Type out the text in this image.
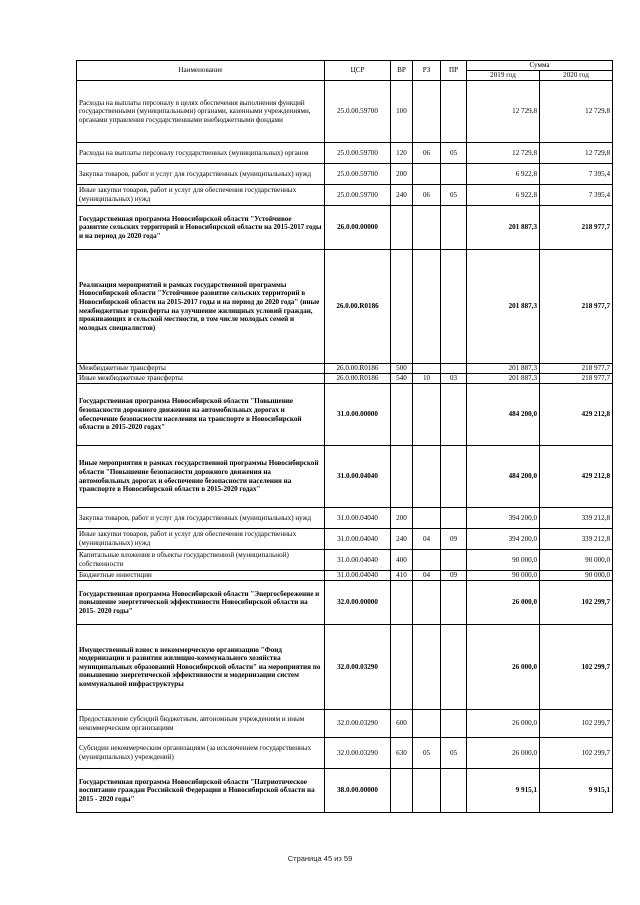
Наименование	ЦСР	ВР	РЗ	ПР	Сумма	
					2019 год	2020 год
Расходы на выплаты персоналу в целях обеспечения выполнения функций государственными (муниципальными) органами, казенными учреждениями, органами управления государственными внебюджетными фондами	25.0.00.59700	100			12 729,8	12 729,8
Расходы на выплаты персоналу государственных (муниципальных) органов	25.0.00.59700	120	06	05	12 729,8	12 729,8
Закупка товаров, работ и услуг для государственных (муниципальных) нужд	25.0.00.59700	200			6 922,8	7 395,4
Иные закупки товаров, работ и услуг для обеспечения государственных (муниципальных) нужд	25.0.00.59700	240	06	05	6 922,8	7 395,4
Государственная программа Новосибирской области "Устойчивое развитие сельских территорий в Новосибирской области на 2015-2017 годы и на период до 2020 года"	26.0.00.00000				201 887,3	218 977,7
Реализация мероприятий в рамках государственной программы Новосибирской области "Устойчивое развитие сельских территорий в Новосибирской области на 2015-2017 годы и на период до 2020 года" (иные межбюджетные трансферты на улучшение жилищных условий граждан, проживающих в сельской местности, в том числе молодых семей и молодых специалистов)	26.0.00.R0186				201 887,3	218 977,7
Межбюджетные трансферты	26.0.00.R0186	500			201 887,3	218 977,7
Иные межбюджетные трансферты	26.0.00.R0186	540	10	03	201 887,3	218 977,7
Государственная программа Новосибирской области "Повышение безопасности дорожного движения на автомобильных дорогах и обеспечение безопасности населения на транспорте в Новосибирской области в 2015-2020 годах"	31.0.00.00000				484 200,0	429 212,8
Иные мероприятия в рамках государственной программы Новосибирской области "Повышение безопасности дорожного движения на автомобильных дорогах и обеспечение безопасности населения на транспорте в Новосибирской области в 2015-2020 годах"	31.0.00.04040				484 200,0	429 212,8
Закупка товаров, работ и услуг для государственных (муниципальных) нужд	31.0.00.04040	200			394 200,0	339 212,8
Иные закупки товаров, работ и услуг для обеспечения государственных (муниципальных) нужд	31.0.00.04040	240	04	09	394 200,0	339 212,8
Капитальные вложения в объекты государственной (муниципальной) собственности	31.0.00.04040	400			90 000,0	90 000,0
Бюджетные инвестиции	31.0.00.04040	410	04	09	90 000,0	90 000,0
Государственная программа Новосибирской области "Энергосбережение и повышение энергетической эффективности Новосибирской области на 2015- 2020 годы"	32.0.00.00000				26 000,0	102 299,7
Имущественный взнос в некоммерческую организацию "Фонд модернизации и развития жилищно-коммунального хозяйства муниципальных образований Новосибирской области" на мероприятия по повышению энергетической эффективности и модернизации систем коммунальной инфраструктуры	32.0.00.03290				26 000,0	102 299,7
Предоставление субсидий бюджетным, автономным учреждениям и иным некоммерческим организациям	32.0.00.03290	600			26 000,0	102 299,7
Субсидии некоммерческим организациям (за исключением государственных (муниципальных) учреждений)	32.0.00.03290	630	05	05	26 000,0	102 299,7
Государственная программа Новосибирской области "Патриотическое воспитание граждан Российской Федерации в Новосибирской области на 2015 - 2020 годы"	38.0.00.00000				9 915,1	9 915,1
Страница 45 из 59
